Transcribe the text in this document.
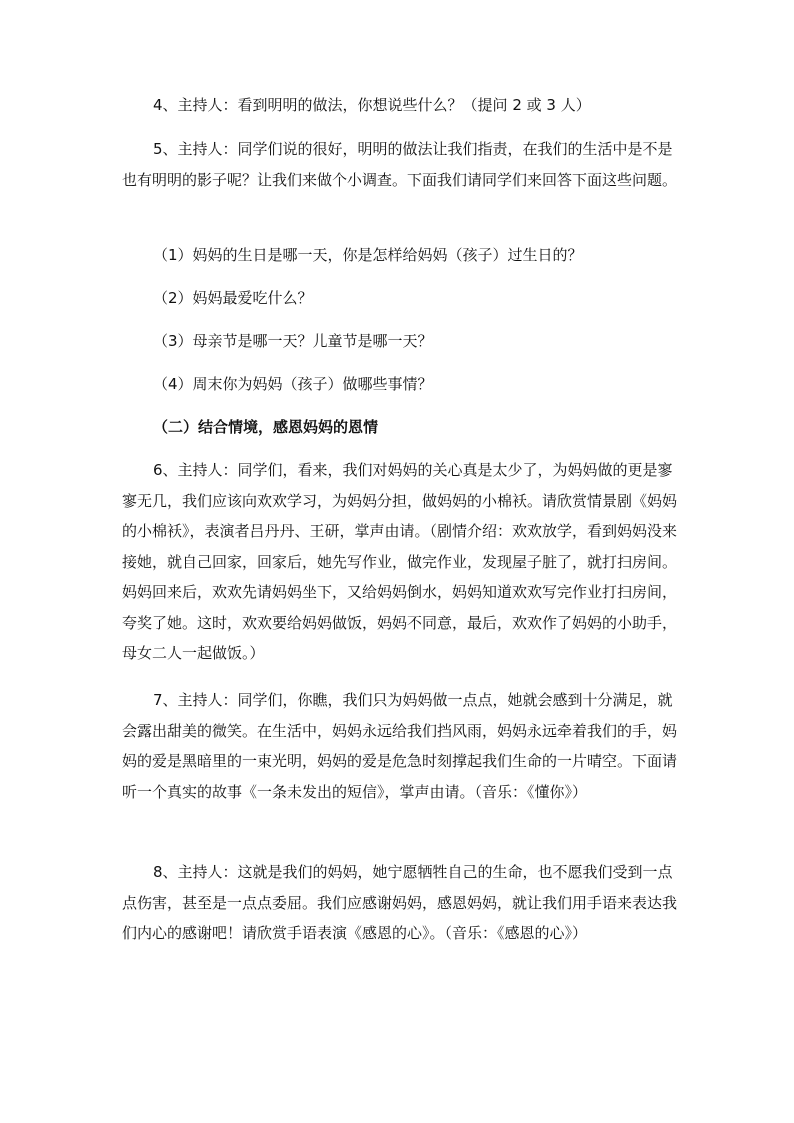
4、主持人：看到明明的做法，你想说些什么？（提问 2 或 3 人）

5、主持人：同学们说的很好，明明的做法让我们指责，在我们的生活中是不是也有明明的影子呢？让我们来做个小调查。下面我们请同学们来回答下面这些问题。

（1）妈妈的生日是哪一天，你是怎样给妈妈（孩子）过生日的？

（2）妈妈最爱吃什么？

（3）母亲节是哪一天？儿童节是哪一天？

（4）周末你为妈妈（孩子）做哪些事情？

（二）结合情境，感恩妈妈的恩情

6、主持人：同学们，看来，我们对妈妈的关心真是太少了，为妈妈做的更是寥寥无几，我们应该向欢欢学习，为妈妈分担，做妈妈的小棉袄。请欣赏情景剧《妈妈的小棉袄》，表演者吕丹丹、王研，掌声由请。（剧情介绍：欢欢放学，看到妈妈没来接她，就自己回家，回家后，她先写作业，做完作业，发现屋子脏了，就打扫房间。妈妈回来后，欢欢先请妈妈坐下，又给妈妈倒水，妈妈知道欢欢写完作业打扫房间，夸奖了她。这时，欢欢要给妈妈做饭，妈妈不同意，最后，欢欢作了妈妈的小助手，母女二人一起做饭。）

7、主持人：同学们，你瞧，我们只为妈妈做一点点，她就会感到十分满足，就会露出甜美的微笑。在生活中，妈妈永远给我们挡风雨，妈妈永远牵着我们的手，妈妈的爱是黑暗里的一束光明，妈妈的爱是危急时刻撑起我们生命的一片晴空。下面请听一个真实的故事《一条未发出的短信》，掌声由请。（音乐：《懂你》）

8、主持人：这就是我们的妈妈，她宁愿牺牲自己的生命，也不愿我们受到一点点伤害，甚至是一点点委屈。我们应感谢妈妈，感恩妈妈，就让我们用手语来表达我们内心的感谢吧！请欣赏手语表演《感恩的心》。（音乐：《感恩的心》）
